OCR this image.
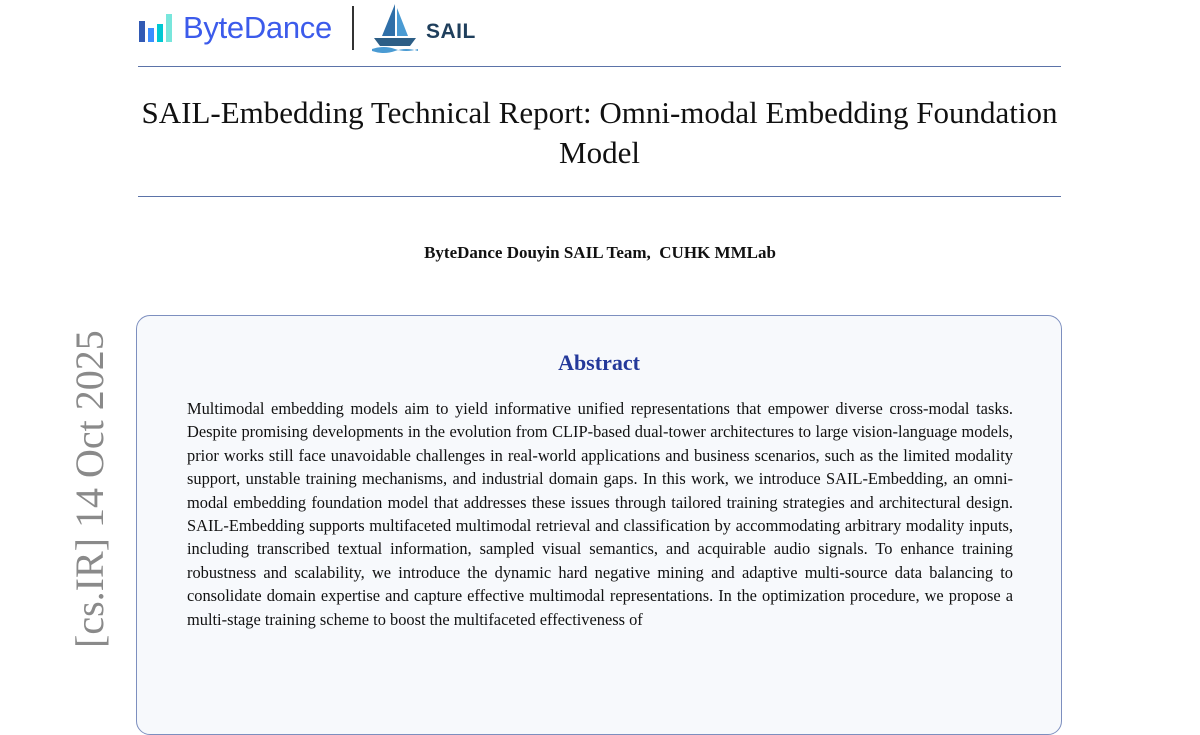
ByteDance	SAIL
SAIL-Embedding Technical Report: Omni-modal Embedding Foundation Model
ByteDance Douyin SAIL Team,  CUHK MMLab
Abstract

Multimodal embedding models aim to yield informative unified representations that empower diverse cross-modal tasks. Despite promising developments in the evolution from CLIP-based dual-tower architectures to large vision-language models, prior works still face unavoidable challenges in real-world applications and business scenarios, such as the limited modality support, unstable training mechanisms, and industrial domain gaps. In this work, we introduce SAIL-Embedding, an omni-modal embedding foundation model that addresses these issues through tailored training strategies and architectural design. SAIL-Embedding supports multifaceted multimodal retrieval and classification by accommodating arbitrary modality inputs, including transcribed textual information, sampled visual semantics, and acquirable audio signals. To enhance training robustness and scalability, we introduce the dynamic hard negative mining and adaptive multi-source data balancing to consolidate domain expertise and capture effective multimodal representations. In the optimization procedure, we propose a multi-stage training scheme to boost the multifaceted effectiveness of

[cs.IR] 14 Oct 2025
